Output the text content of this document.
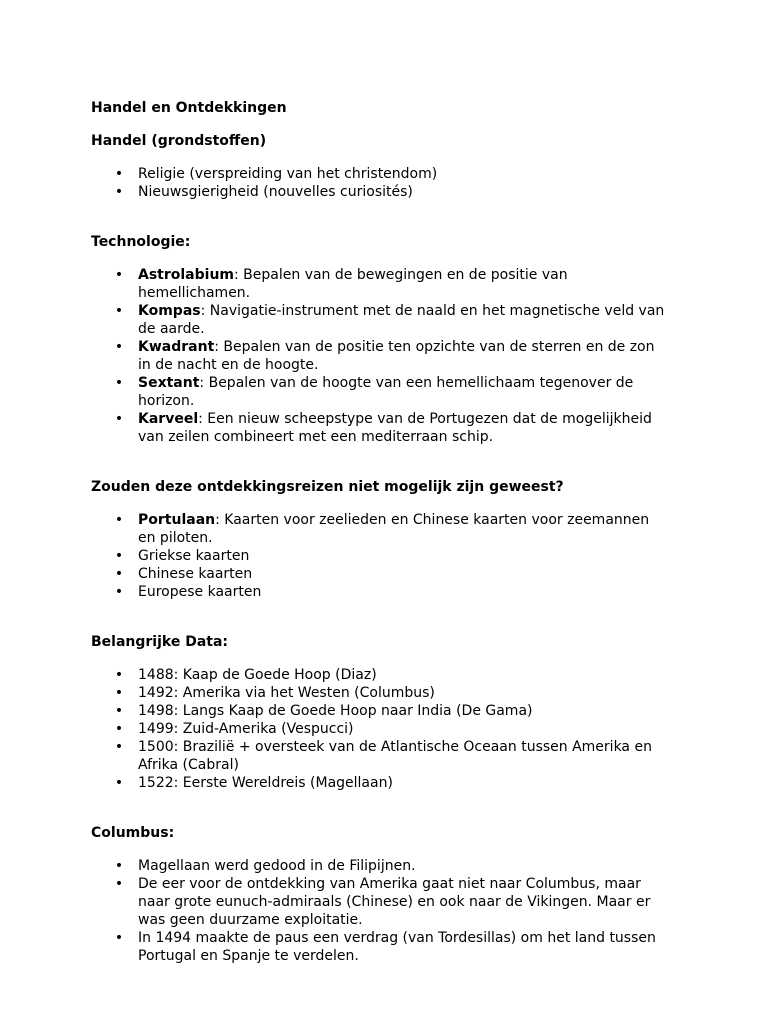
Handel en Ontdekkingen

Handel (grondstoffen)

• Religie (verspreiding van het christendom)
• Nieuwsgierigheid (nouvelles curiosités)

Technologie:

• Astrolabium: Bepalen van de bewegingen en de positie van hemellichamen.
• Kompas: Navigatie-instrument met de naald en het magnetische veld van de aarde.
• Kwadrant: Bepalen van de positie ten opzichte van de sterren en de zon in de nacht en de hoogte.
• Sextant: Bepalen van de hoogte van een hemellichaam tegenover de horizon.
• Karveel: Een nieuw scheepstype van de Portugezen dat de mogelijkheid van zeilen combineert met een mediterraan schip.

Zouden deze ontdekkingsreizen niet mogelijk zijn geweest?

• Portulaan: Kaarten voor zeelieden en Chinese kaarten voor zeemannen en piloten.
• Griekse kaarten
• Chinese kaarten
• Europese kaarten

Belangrijke Data:

• 1488: Kaap de Goede Hoop (Diaz)
• 1492: Amerika via het Westen (Columbus)
• 1498: Langs Kaap de Goede Hoop naar India (De Gama)
• 1499: Zuid-Amerika (Vespucci)
• 1500: Brazilië + oversteek van de Atlantische Oceaan tussen Amerika en Afrika (Cabral)
• 1522: Eerste Wereldreis (Magellaan)

Columbus:

• Magellaan werd gedood in de Filipijnen.
• De eer voor de ontdekking van Amerika gaat niet naar Columbus, maar naar grote eunuch-admiraals (Chinese) en ook naar de Vikingen. Maar er was geen duurzame exploitatie.
• In 1494 maakte de paus een verdrag (van Tordesillas) om het land tussen Portugal en Spanje te verdelen.
